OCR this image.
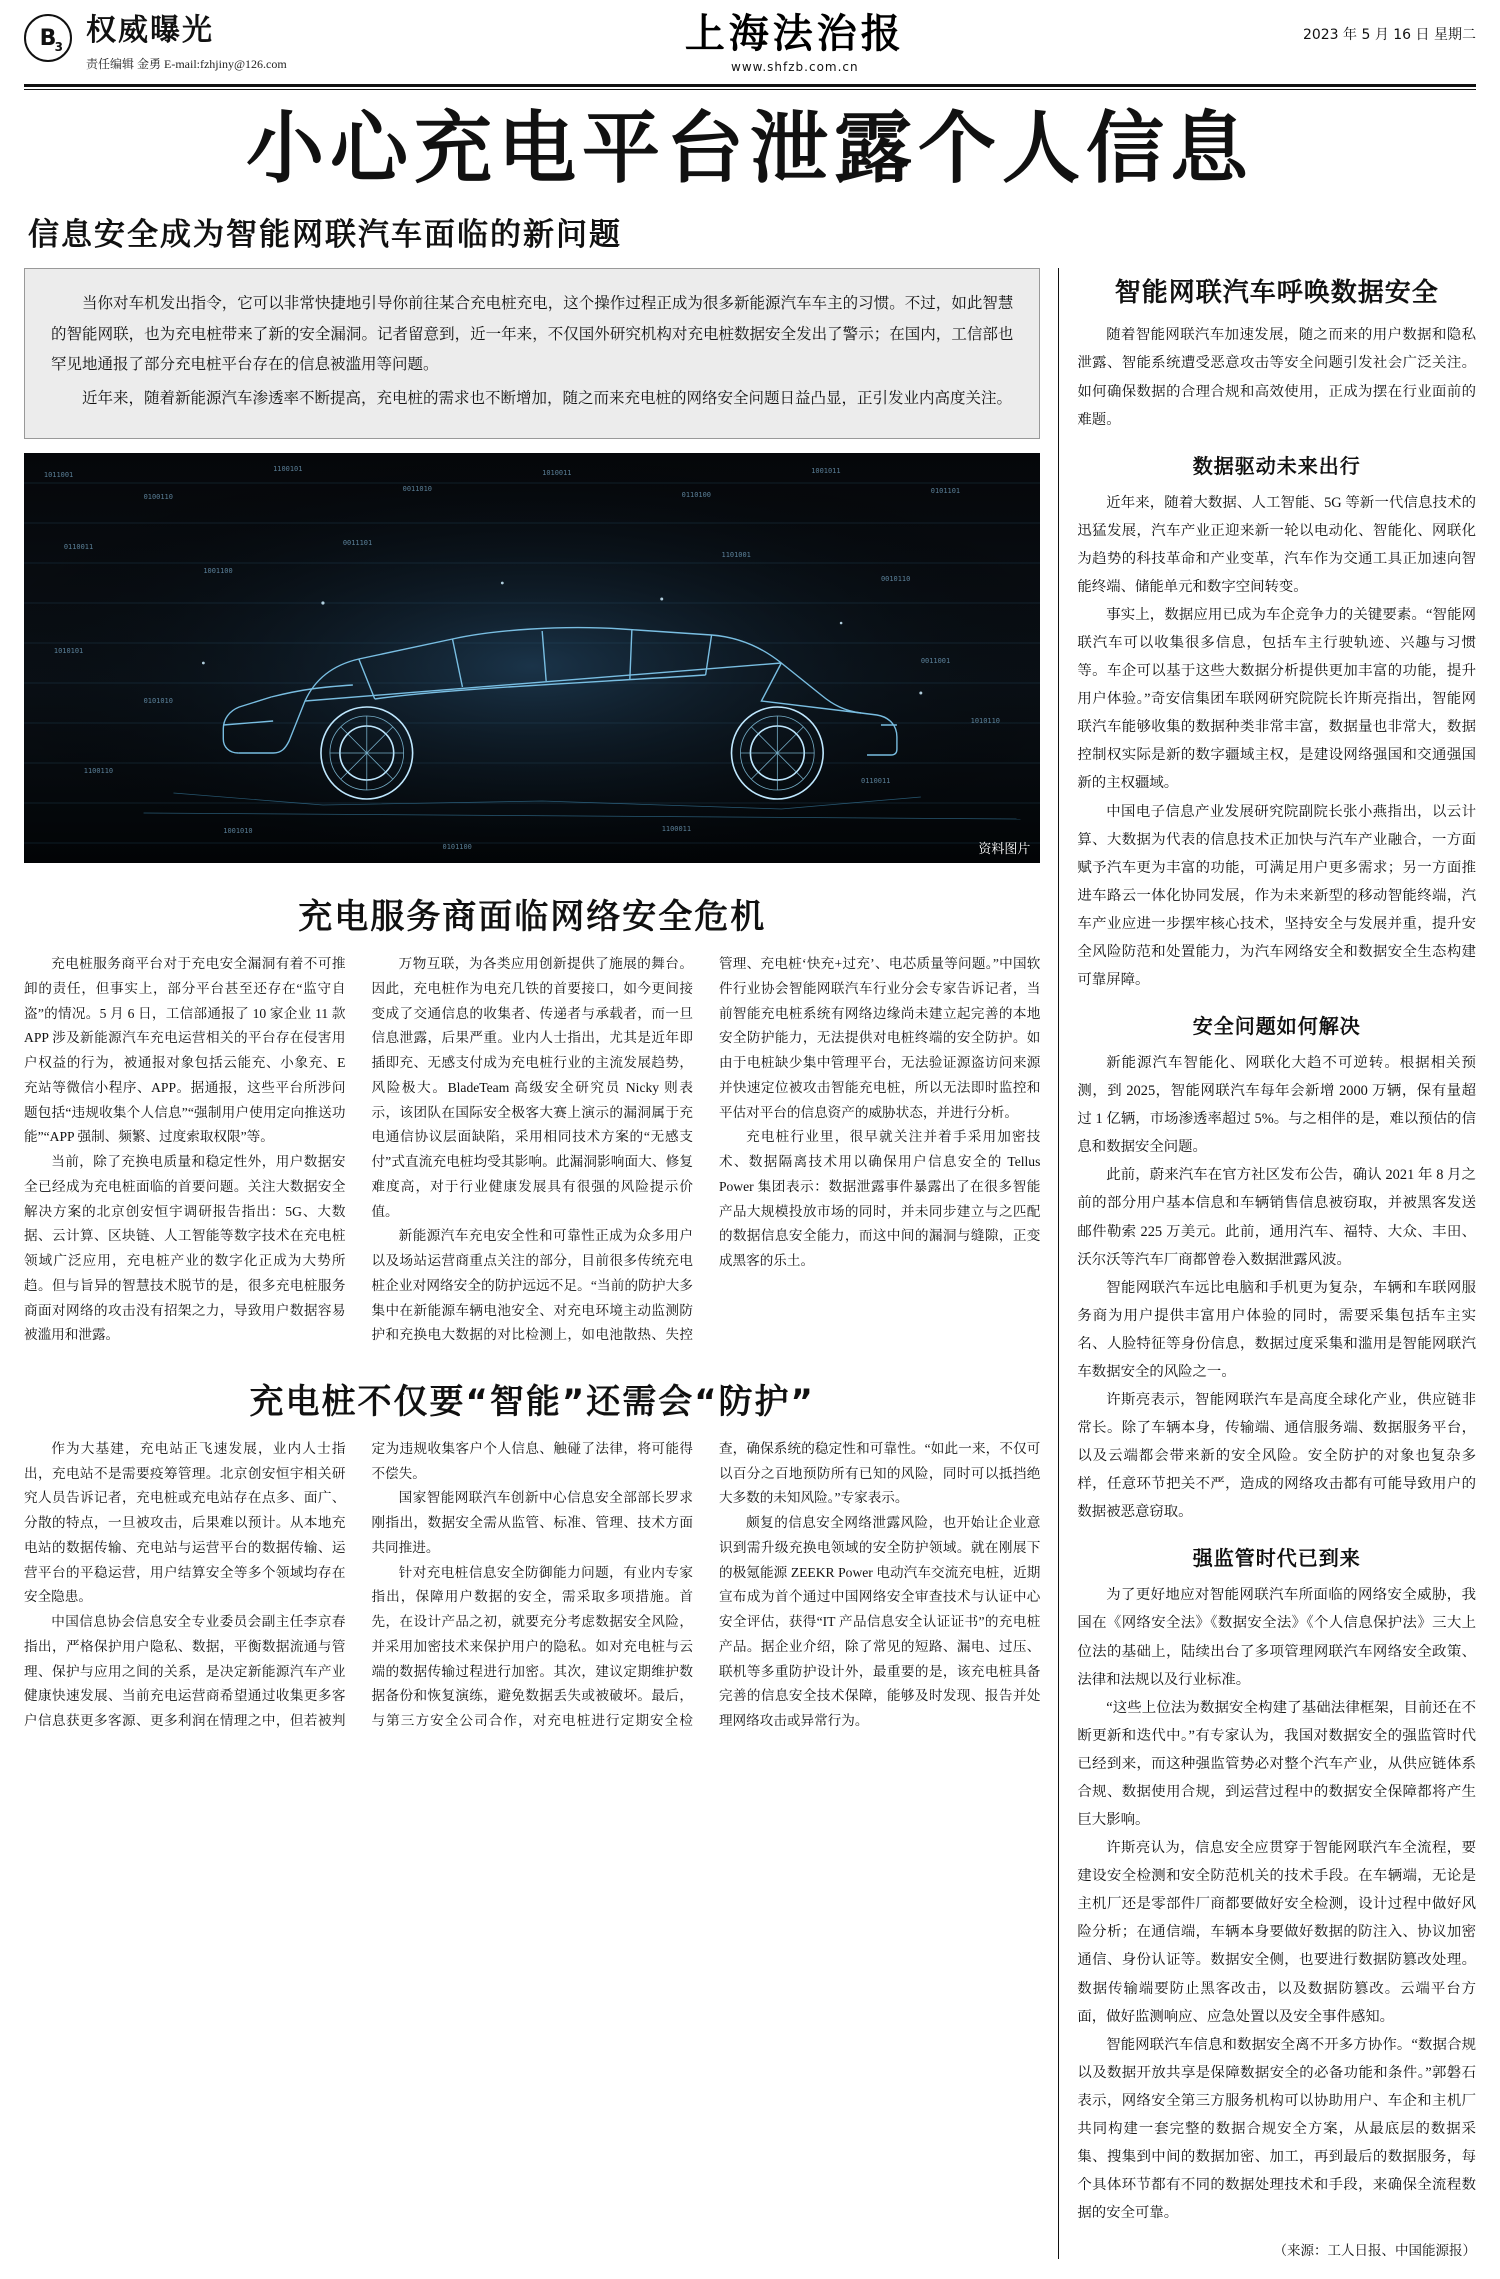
B
3 权威曝光
责任编辑 金勇 E-mail:fzhjiny@126.com
上海法治报
www.shfzb.com.cn
2023 年 5 月 16 日 星期二
小心充电平台泄露个人信息
信息安全成为智能网联汽车面临的新问题

当你对车机发出指令，它可以非常快捷地引导你前往某合充电桩充电，这个操作过程正成为很多新能源汽车车主的习惯。不过，如此智慧的智能网联，也为充电桩带来了新的安全漏洞。记者留意到，近一年来，不仅国外研究机构对充电桩数据安全发出了警示；在国内，工信部也罕见地通报了部分充电桩平台存在的信息被滥用等问题。

近年来，随着新能源汽车渗透率不断提高，充电桩的需求也不断增加，随之而来充电桩的网络安全问题日益凸显，正引发业内高度关注。

1011001
0100110
1100101
0011010
1010011
0110100
1001011
0101101
0110011
1001100
0011101
1101001
0010110
1010101
0101010
1100110
0011001
1010110
0110011
1001010
0101100
1100011
资料图片
充电服务商面临网络安全危机

充电桩服务商平台对于充电安全漏洞有着不可推卸的责任，但事实上，部分平台甚至还存在“监守自盗”的情况。5 月 6 日，工信部通报了 10 家企业 11 款 APP 涉及新能源汽车充电运营相关的平台存在侵害用户权益的行为，被通报对象包括云能充、小象充、E 充站等微信小程序、APP。据通报，这些平台所涉问题包括“违规收集个人信息”“强制用户使用定向推送功能”“APP 强制、频繁、过度索取权限”等。

当前，除了充换电质量和稳定性外，用户数据安全已经成为充电桩面临的首要问题。关注大数据安全解决方案的北京创安恒宇调研报告指出：5G、大数据、云计算、区块链、人工智能等数字技术在充电桩领域广泛应用，充电桩产业的数字化正成为大势所趋。但与旨异的智慧技术脱节的是，很多充电桩服务商面对网络的攻击没有招架之力，导致用户数据容易被滥用和泄露。

万物互联，为各类应用创新提供了施展的舞台。因此，充电桩作为电充几铁的首要接口，如今更间接变成了交通信息的收集者、传递者与承载者，而一旦信息泄露，后果严重。业内人士指出，尤其是近年即插即充、无感支付成为充电桩行业的主流发展趋势，风险极大。BladeTeam 高级安全研究员 Nicky 则表示，该团队在国际安全极客大赛上演示的漏洞属于充电通信协议层面缺陷，采用相同技术方案的“无感支付”式直流充电桩均受其影响。此漏洞影响面大、修复难度高，对于行业健康发展具有很强的风险提示价值。

新能源汽车充电安全性和可靠性正成为众多用户以及场站运营商重点关注的部分，目前很多传统充电桩企业对网络安全的防护远远不足。“当前的防护大多集中在新能源车辆电池安全、对充电环境主动监测防护和充换电大数据的对比检测上，如电池散热、失控管理、充电桩‘快充+过充’、电芯质量等问题。”中国软件行业协会智能网联汽车行业分会专家告诉记者，当前智能充电桩系统有网络边缘尚未建立起完善的本地安全防护能力，无法提供对电桩终端的安全防护。如由于电桩缺少集中管理平台，无法验证源盗访问来源并快速定位被攻击智能充电桩，所以无法即时监控和平估对平台的信息资产的威胁状态，并进行分析。

充电桩行业里，很早就关注并着手采用加密技术、数据隔离技术用以确保用户信息安全的 Tellus Power 集团表示：数据泄露事件暴露出了在很多智能产品大规模投放市场的同时，并未同步建立与之匹配的数据信息安全能力，而这中间的漏洞与缝隙，正变成黑客的乐土。

充电桩不仅要“智能”还需会“防护”

作为大基建，充电站正飞速发展，业内人士指出，充电站不是需要疫筹管理。北京创安恒宇相关研究人员告诉记者，充电桩或充电站存在点多、面广、分散的特点，一旦被攻击，后果难以预计。从本地充电站的数据传输、充电站与运营平台的数据传输、运营平台的平稳运营，用户结算安全等多个领域均存在安全隐患。

中国信息协会信息安全专业委员会副主任李京春指出，严格保护用户隐私、数据，平衡数据流通与管理、保护与应用之间的关系，是决定新能源汽车产业健康快速发展、当前充电运营商希望通过收集更多客户信息获更多客源、更多利润在情理之中，但若被判定为违规收集客户个人信息、触碰了法律，将可能得不偿失。

国家智能网联汽车创新中心信息安全部部长罗求刚指出，数据安全需从监管、标准、管理、技术方面共同推进。

针对充电桩信息安全防御能力问题，有业内专家指出，保障用户数据的安全，需采取多项措施。首先，在设计产品之初，就要充分考虑数据安全风险，并采用加密技术来保护用户的隐私。如对充电桩与云端的数据传输过程进行加密。其次，建议定期维护数据备份和恢复演练，避免数据丢失或被破坏。最后，与第三方安全公司合作，对充电桩进行定期安全检查，确保系统的稳定性和可靠性。“如此一来，不仅可以百分之百地预防所有已知的风险，同时可以抵挡绝大多数的未知风险。”专家表示。

颇复的信息安全网络泄露风险，也开始让企业意识到需升级充换电领域的安全防护领域。就在刚展下的极氪能源 ZEEKR Power 电动汽车交流充电桩，近期宣布成为首个通过中国网络安全审查技术与认证中心安全评估，获得“IT 产品信息安全认证证书”的充电桩产品。据企业介绍，除了常见的短路、漏电、过压、联机等多重防护设计外，最重要的是，该充电桩具备完善的信息安全技术保障，能够及时发现、报告并处理网络攻击或异常行为。

智能网联汽车呼唤数据安全

随着智能网联汽车加速发展，随之而来的用户数据和隐私泄露、智能系统遭受恶意攻击等安全问题引发社会广泛关注。如何确保数据的合理合规和高效使用，正成为摆在行业面前的难题。

数据驱动未来出行

近年来，随着大数据、人工智能、5G 等新一代信息技术的迅猛发展，汽车产业正迎来新一轮以电动化、智能化、网联化为趋势的科技革命和产业变革，汽车作为交通工具正加速向智能终端、储能单元和数字空间转变。

事实上，数据应用已成为车企竞争力的关键要素。“智能网联汽车可以收集很多信息，包括车主行驶轨迹、兴趣与习惯等。车企可以基于这些大数据分析提供更加丰富的功能，提升用户体验。”奇安信集团车联网研究院院长许斯亮指出，智能网联汽车能够收集的数据种类非常丰富，数据量也非常大，数据控制权实际是新的数字疆域主权，是建设网络强国和交通强国新的主权疆域。

中国电子信息产业发展研究院副院长张小燕指出，以云计算、大数据为代表的信息技术正加快与汽车产业融合，一方面赋予汽车更为丰富的功能，可满足用户更多需求；另一方面推进车路云一体化协同发展，作为未来新型的移动智能终端，汽车产业应进一步摆牢核心技术，坚持安全与发展并重，提升安全风险防范和处置能力，为汽车网络安全和数据安全生态构建可靠屏障。

安全问题如何解决

新能源汽车智能化、网联化大趋不可逆转。根据相关预测，到 2025，智能网联汽车每年会新增 2000 万辆，保有量超过 1 亿辆，市场渗透率超过 5%。与之相伴的是，难以预估的信息和数据安全问题。

此前，蔚来汽车在官方社区发布公告，确认 2021 年 8 月之前的部分用户基本信息和车辆销售信息被窃取，并被黑客发送邮件勒索 225 万美元。此前，通用汽车、福特、大众、丰田、沃尔沃等汽车厂商都曾卷入数据泄露风波。

智能网联汽车远比电脑和手机更为复杂，车辆和车联网服务商为用户提供丰富用户体验的同时，需要采集包括车主实名、人脸特征等身份信息，数据过度采集和滥用是智能网联汽车数据安全的风险之一。

许斯亮表示，智能网联汽车是高度全球化产业，供应链非常长。除了车辆本身，传输端、通信服务端、数据服务平台，以及云端都会带来新的安全风险。安全防护的对象也复杂多样，任意环节把关不严，造成的网络攻击都有可能导致用户的数据被恶意窃取。

强监管时代已到来

为了更好地应对智能网联汽车所面临的网络安全威胁，我国在《网络安全法》《数据安全法》《个人信息保护法》三大上位法的基础上，陆续出台了多项管理网联汽车网络安全政策、法律和法规以及行业标准。

“这些上位法为数据安全构建了基础法律框架，目前还在不断更新和迭代中。”有专家认为，我国对数据安全的强监管时代已经到来，而这种强监管势必对整个汽车产业，从供应链体系合规、数据使用合规，到运营过程中的数据安全保障都将产生巨大影响。

许斯亮认为，信息安全应贯穿于智能网联汽车全流程，要建设安全检测和安全防范机关的技术手段。在车辆端，无论是主机厂还是零部件厂商都要做好安全检测，设计过程中做好风险分析；在通信端，车辆本身要做好数据的防注入、协议加密通信、身份认证等。数据安全侧，也要进行数据防篡改处理。数据传输端要防止黑客改击，以及数据防篡改。云端平台方面，做好监测响应、应急处置以及安全事件感知。

智能网联汽车信息和数据安全离不开多方协作。“数据合规以及数据开放共享是保障数据安全的必备功能和条件。”郭磐石表示，网络安全第三方服务机构可以协助用户、车企和主机厂共同构建一套完整的数据合规安全方案，从最底层的数据采集、搜集到中间的数据加密、加工，再到最后的数据服务，每个具体环节都有不同的数据处理技术和手段，来确保全流程数据的安全可靠。

（来源：工人日报、中国能源报）
